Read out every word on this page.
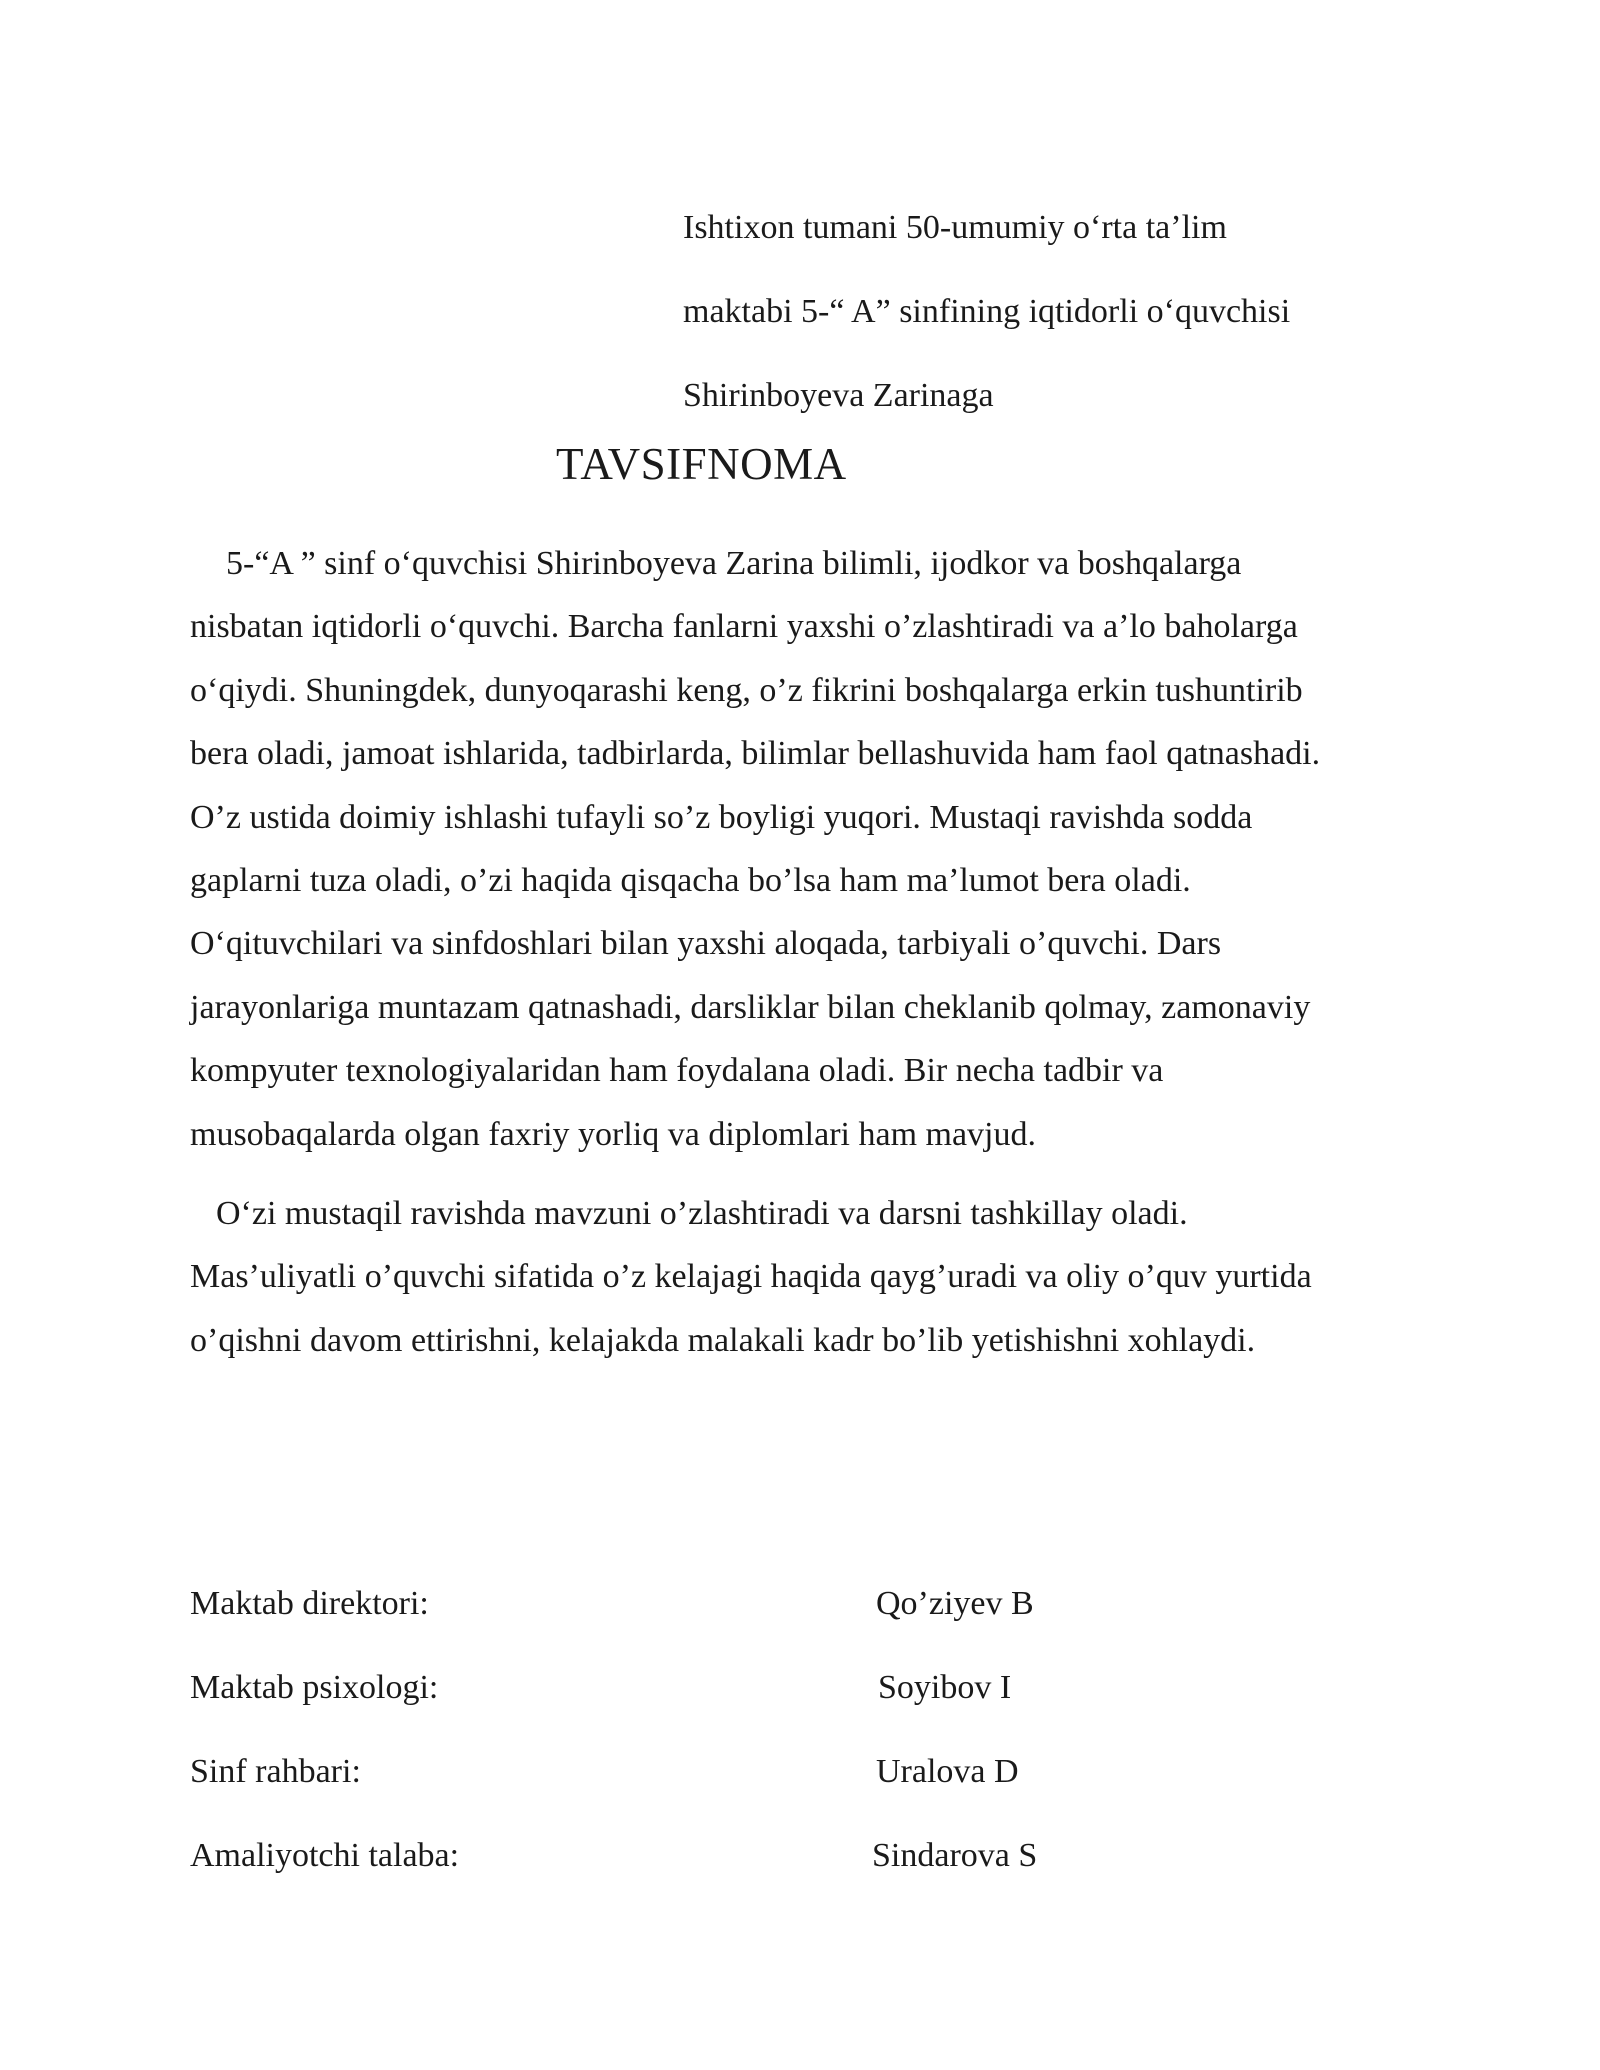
Ishtixon tumani 50-umumiy o‘rta ta’lim
maktabi 5-“ A” sinfining iqtidorli o‘quvchisi
Shirinboyeva Zarinaga
TAVSIFNOMA
5-“A ” sinf o‘quvchisi Shirinboyeva Zarina bilimli, ijodkor va boshqalarga
nisbatan iqtidorli o‘quvchi. Barcha fanlarni yaxshi o’zlashtiradi va a’lo baholarga
o‘qiydi. Shuningdek, dunyoqarashi keng, o’z fikrini boshqalarga erkin tushuntirib
bera oladi, jamoat ishlarida, tadbirlarda, bilimlar bellashuvida ham faol qatnashadi.
O’z ustida doimiy ishlashi tufayli so’z boyligi yuqori. Mustaqi ravishda sodda
gaplarni tuza oladi, o’zi haqida qisqacha bo’lsa ham ma’lumot bera oladi.
O‘qituvchilari va sinfdoshlari bilan yaxshi aloqada, tarbiyali o’quvchi. Dars
jarayonlariga muntazam qatnashadi, darsliklar bilan cheklanib qolmay, zamonaviy
kompyuter texnologiyalaridan ham foydalana oladi. Bir necha tadbir va
musobaqalarda olgan faxriy yorliq va diplomlari ham mavjud.
O‘zi mustaqil ravishda mavzuni o’zlashtiradi va darsni tashkillay oladi.
Mas’uliyatli o’quvchi sifatida o’z kelajagi haqida qayg’uradi va oliy o’quv yurtida
o’qishni davom ettirishni, kelajakda malakali kadr bo’lib yetishishni xohlaydi.
Maktab direktori:	Qo’ziyev B
Maktab psixologi:	Soyibov I
Sinf rahbari:	Uralova D
Amaliyotchi talaba:	Sindarova S
